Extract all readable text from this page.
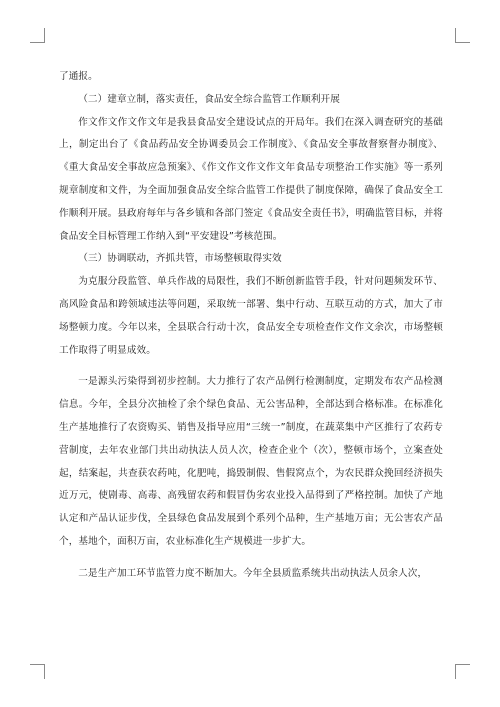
了通报。

（二）建章立制，落实责任，食品安全综合监管工作顺利开展

作文作文作文作文年是我县食品安全建设试点的开局年。我们在深入调查研究的基础上，制定出台了《食品药品安全协调委员会工作制度》、《食品安全事故督察督办制度》、《重大食品安全事故应急预案》、《作文作文作文作文年食品专项整治工作实施》等一系列规章制度和文件，为全面加强食品安全综合监管工作提供了制度保障，确保了食品安全工作顺利开展。县政府每年与各乡镇和各部门签定《食品安全责任书》，明确监管目标，并将食品安全目标管理工作纳入到“平安建设”考核范围。

（三）协调联动，齐抓共管，市场整顿取得实效

为克服分段监管、单兵作战的局限性，我们不断创新监管手段，针对问题频发环节、高风险食品和跨领域违法等问题，采取统一部署、集中行动、互联互动的方式，加大了市场整顿力度。今年以来，全县联合行动十次，食品安全专项检查作文作文余次，市场整顿工作取得了明显成效。

一是源头污染得到初步控制。大力推行了农产品例行检测制度，定期发布农产品检测信息。今年，全县分次抽检了余个绿色食品、无公害品种，全部达到合格标准。在标准化生产基地推行了农资购买、销售及指导应用“三统一”制度，在蔬菜集中产区推行了农药专营制度，去年农业部门共出动执法人员人次，检查企业个（次），整顿市场个，立案查处起，结案起，共查获农药吨，化肥吨，捣毁制假、售假窝点个，为农民群众挽回经济损失近万元，使剧毒、高毒、高残留农药和假冒伪劣农业投入品得到了严格控制。加快了产地认定和产品认证步伐，全县绿色食品发展到个系列个品种，生产基地万亩；无公害农产品个，基地个，面积万亩，农业标准化生产规模进一步扩大。

二是生产加工环节监管力度不断加大。今年全县质监系统共出动执法人员余人次，
